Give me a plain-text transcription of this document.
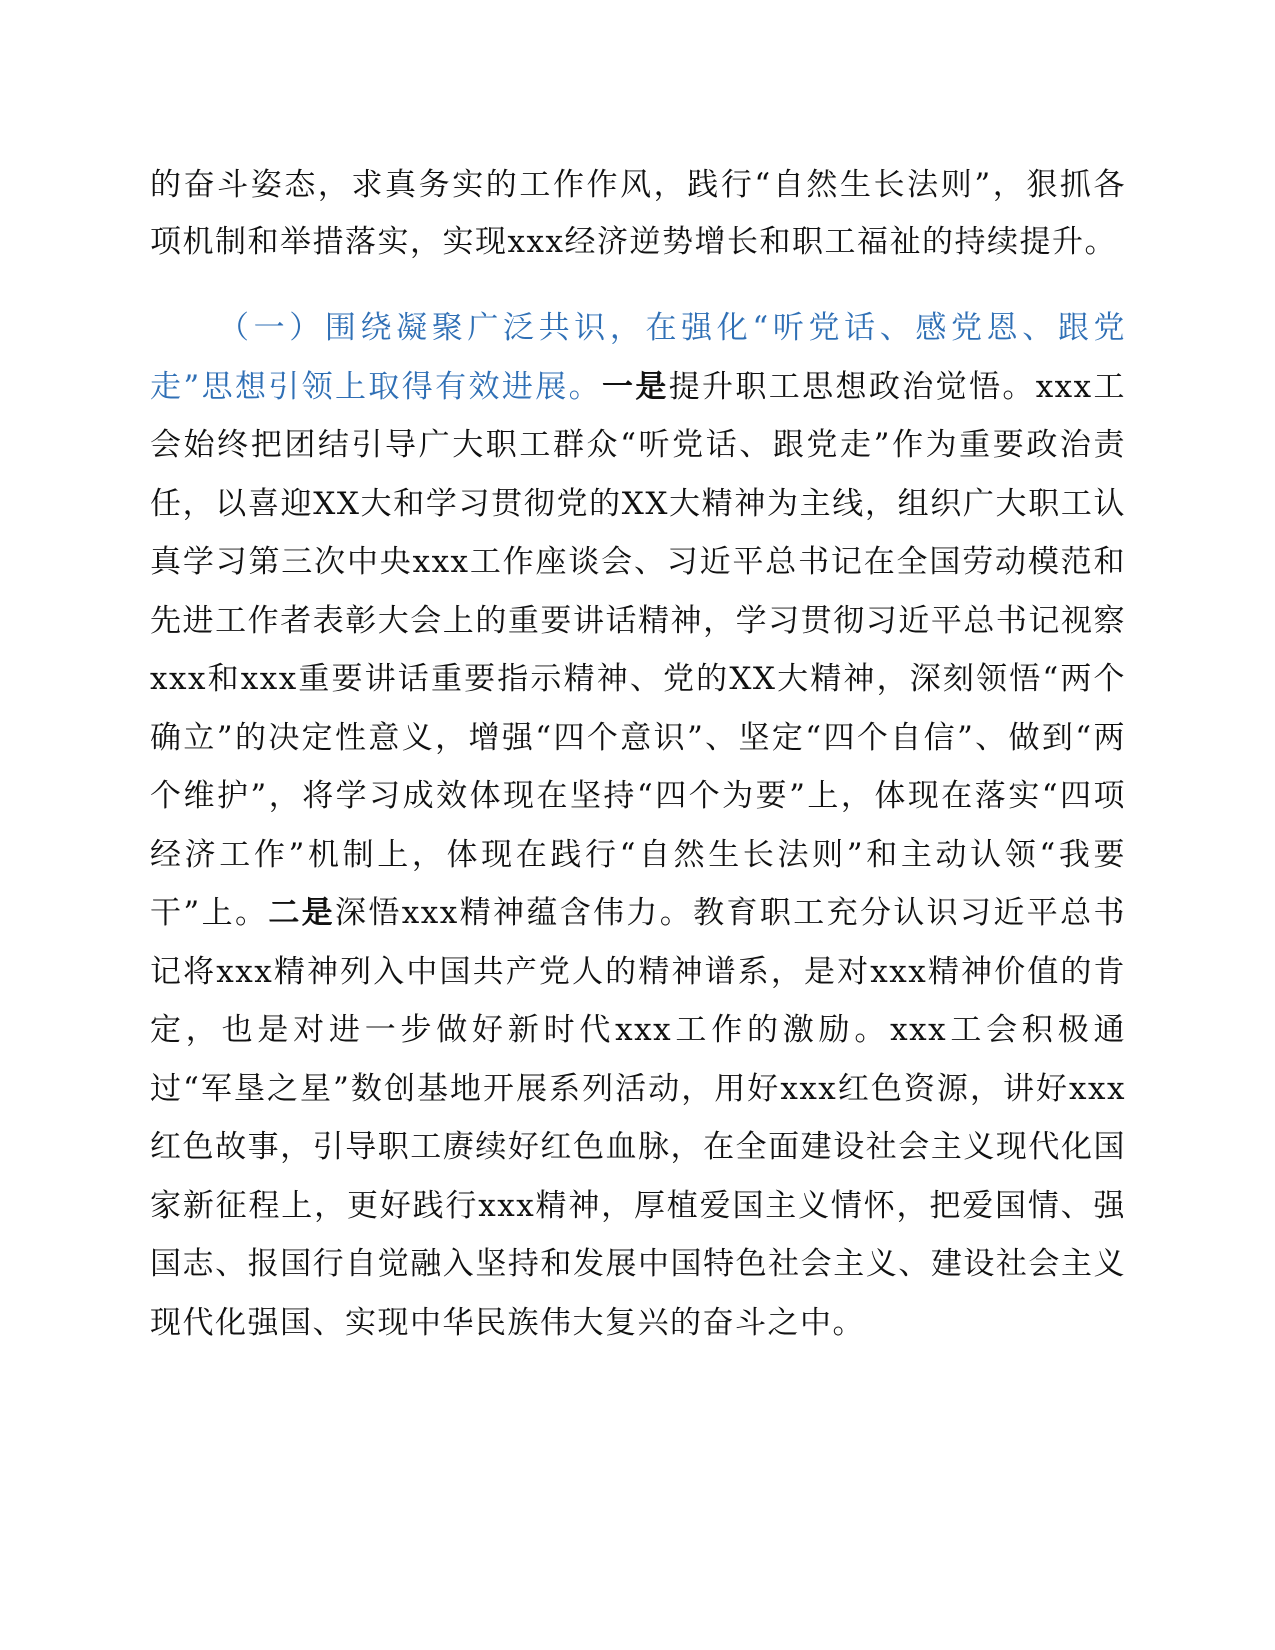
的奋斗姿态，求真务实的工作作风，践行“自然生长法则”，狠抓各项机制和举措落实，实现xxx经济逆势增长和职工福祉的持续提升。

（一）围绕凝聚广泛共识，在强化“听党话、感党恩、跟党走”思想引领上取得有效进展。一是提升职工思想政治觉悟。xxx工会始终把团结引导广大职工群众“听党话、跟党走”作为重要政治责任，以喜迎XX大和学习贯彻党的XX大精神为主线，组织广大职工认真学习第三次中央xxx工作座谈会、习近平总书记在全国劳动模范和先进工作者表彰大会上的重要讲话精神，学习贯彻习近平总书记视察xxx和xxx重要讲话重要指示精神、党的XX大精神，深刻领悟“两个确立”的决定性意义，增强“四个意识”、坚定“四个自信”、做到“两个维护”，将学习成效体现在坚持“四个为要”上，体现在落实“四项经济工作”机制上，体现在践行“自然生长法则”和主动认领“我要干”上。二是深悟xxx精神蕴含伟力。教育职工充分认识习近平总书记将xxx精神列入中国共产党人的精神谱系，是对xxx精神价值的肯定，也是对进一步做好新时代xxx工作的激励。xxx工会积极通过“军垦之星”数创基地开展系列活动，用好xxx红色资源，讲好xxx红色故事，引导职工赓续好红色血脉，在全面建设社会主义现代化国家新征程上，更好践行xxx精神，厚植爱国主义情怀，把爱国情、强国志、报国行自觉融入坚持和发展中国特色社会主义、建设社会主义现代化强国、实现中华民族伟大复兴的奋斗之中。
